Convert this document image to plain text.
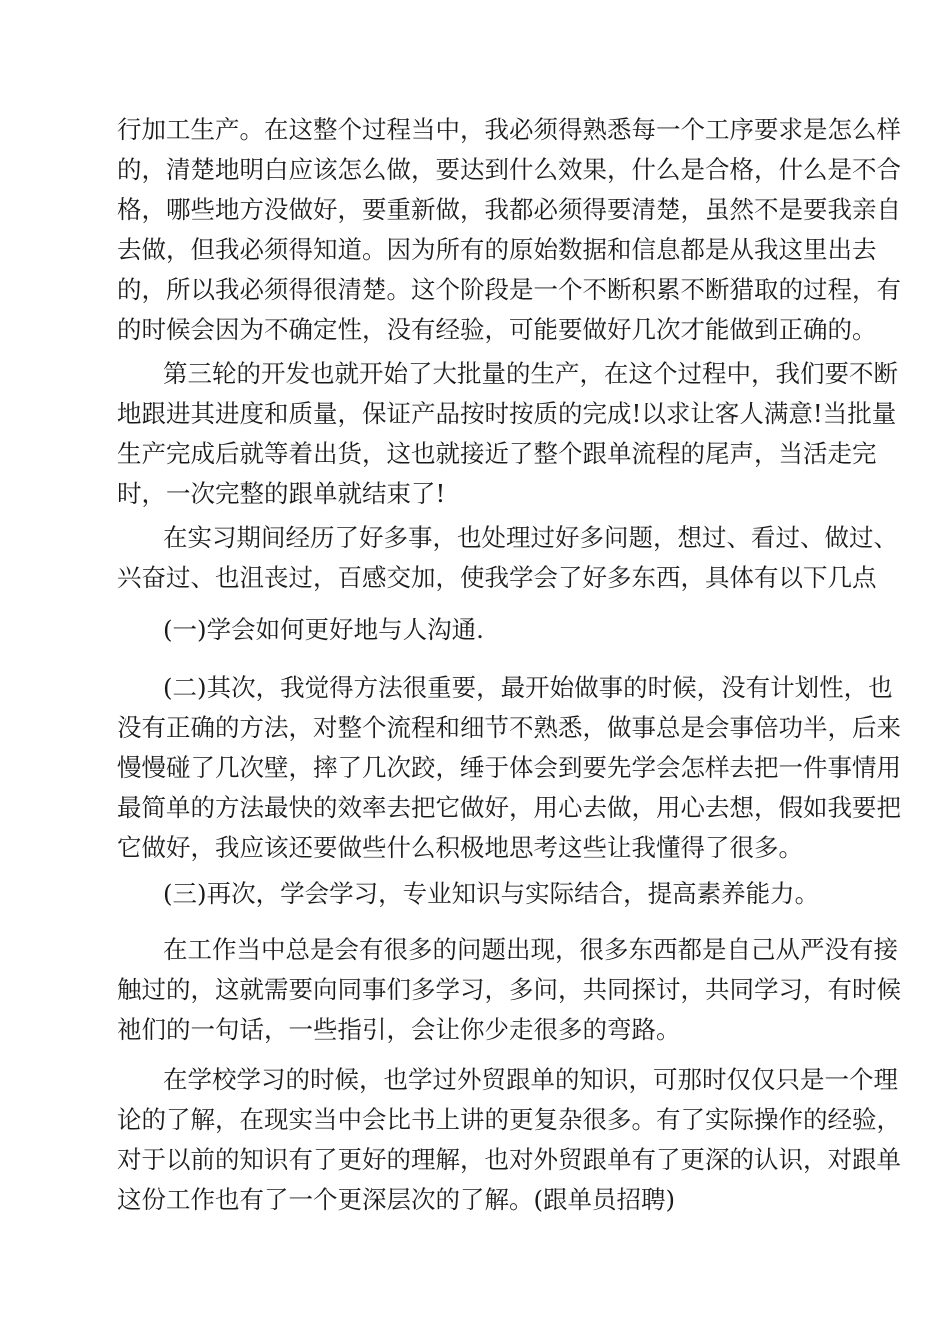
行加工生产。在这整个过程当中，我必须得熟悉每一个工序要求是怎么样
的，清楚地明白应该怎么做，要达到什么效果，什么是合格，什么是不合
格，哪些地方没做好，要重新做，我都必须得要清楚，虽然不是要我亲自
去做，但我必须得知道。因为所有的原始数据和信息都是从我这里出去
的，所以我必须得很清楚。这个阶段是一个不断积累不断猎取的过程，有
的时候会因为不确定性，没有经验，可能要做好几次才能做到正确的。
第三轮的开发也就开始了大批量的生产，在这个过程中，我们要不断
地跟进其进度和质量，保证产品按时按质的完成!以求让客人满意!当批量
生产完成后就等着出货，这也就接近了整个跟单流程的尾声，当活走完
时，一次完整的跟单就结束了!
在实习期间经历了好多事，也处理过好多问题，想过、看过、做过、
兴奋过、也沮丧过，百感交加，使我学会了好多东西，具体有以下几点
(一)学会如何更好地与人沟通.
(二)其次，我觉得方法很重要，最开始做事的时候，没有计划性，也
没有正确的方法，对整个流程和细节不熟悉，做事总是会事倍功半，后来
慢慢碰了几次壁，摔了几次跤，缍于体会到要先学会怎样去把一件事情用
最简单的方法最快的效率去把它做好，用心去做，用心去想，假如我要把
它做好，我应该还要做些什么积极地思考这些让我懂得了很多。
(三)再次，学会学习，专业知识与实际结合，提高素养能力。
在工作当中总是会有很多的问题出现，很多东西都是自己从严没有接
触过的，这就需要向同事们多学习，多问，共同探讨，共同学习，有时候
祂们的一句话，一些指引，会让你少走很多的弯路。
在学校学习的时候，也学过外贸跟单的知识，可那时仅仅只是一个理
论的了解，在现实当中会比书上讲的更复杂很多。有了实际操作的经验，
对于以前的知识有了更好的理解，也对外贸跟单有了更深的认识，对跟单
这份工作也有了一个更深层次的了解。(跟单员招聘)
